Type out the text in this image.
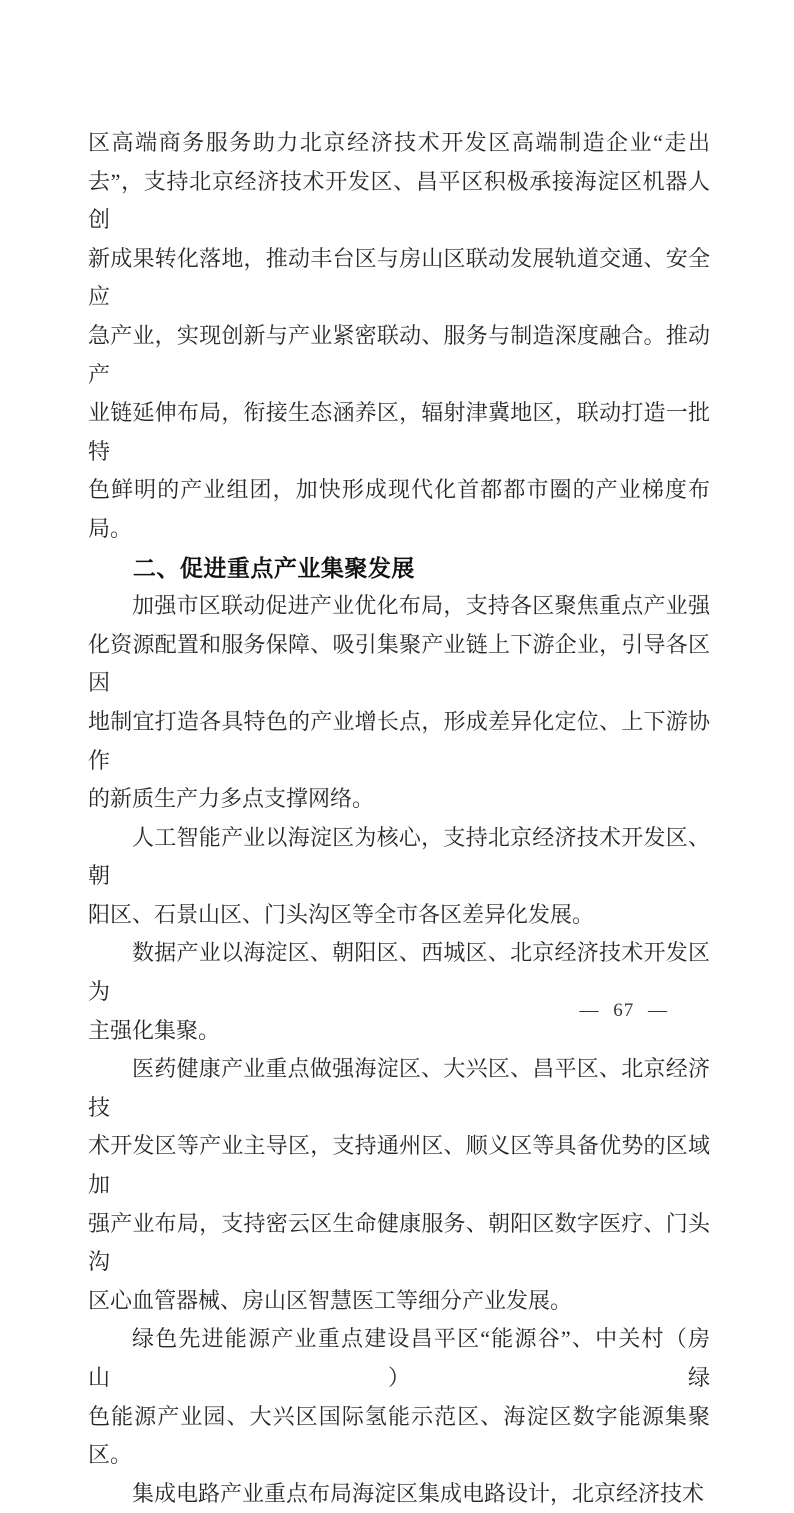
区高端商务服务助力北京经济技术开发区高端制造企业“走出
去”，支持北京经济技术开发区、昌平区积极承接海淀区机器人创
新成果转化落地，推动丰台区与房山区联动发展轨道交通、安全应
急产业，实现创新与产业紧密联动、服务与制造深度融合。推动产
业链延伸布局，衔接生态涵养区，辐射津冀地区，联动打造一批特
色鲜明的产业组团，加快形成现代化首都都市圈的产业梯度布局。
二、促进重点产业集聚发展
加强市区联动促进产业优化布局，支持各区聚焦重点产业强
化资源配置和服务保障、吸引集聚产业链上下游企业，引导各区因
地制宜打造各具特色的产业增长点，形成差异化定位、上下游协作
的新质生产力多点支撑网络。
人工智能产业以海淀区为核心，支持北京经济技术开发区、朝
阳区、石景山区、门头沟区等全市各区差异化发展。
数据产业以海淀区、朝阳区、西城区、北京经济技术开发区为
主强化集聚。
医药健康产业重点做强海淀区、大兴区、昌平区、北京经济技
术开发区等产业主导区，支持通州区、顺义区等具备优势的区域加
强产业布局，支持密云区生命健康服务、朝阳区数字医疗、门头沟
区心血管器械、房山区智慧医工等细分产业发展。
绿色先进能源产业重点建设昌平区“能源谷”、中关村（房山）绿
色能源产业园、大兴区国际氢能示范区、海淀区数字能源集聚区。
集成电路产业重点布局海淀区集成电路设计，北京经济技术
— 67 —
